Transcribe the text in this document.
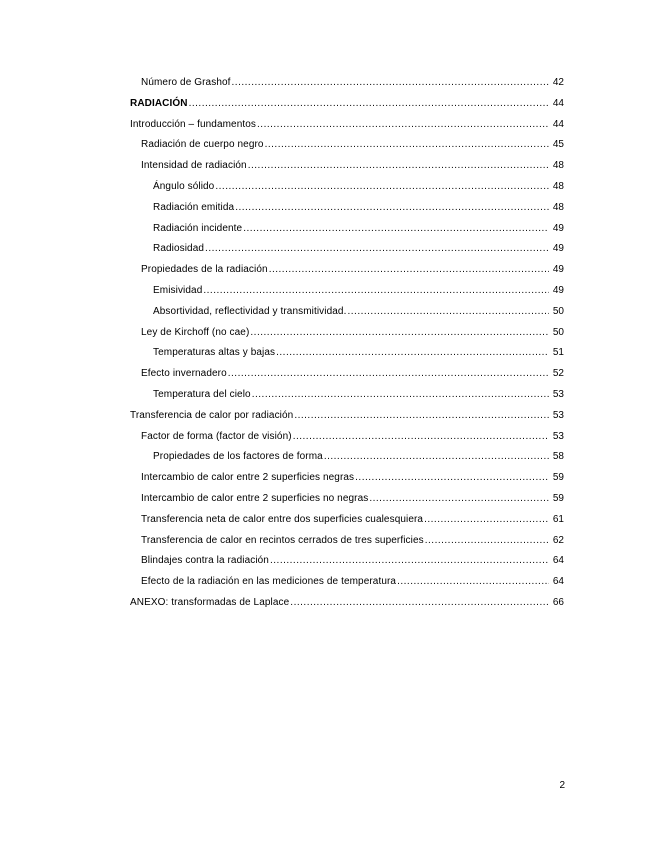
Número de Grashof .....	42
RADIACIÓN .....	44
Introducción – fundamentos .....	44
Radiación de cuerpo negro .....	45
Intensidad de radiación .....	48
Ángulo sólido .....	48
Radiación emitida .....	48
Radiación incidente .....	49
Radiosidad .....	49
Propiedades de la radiación .....	49
Emisividad .....	49
Absortividad, reflectividad y transmitividad. .....	50
Ley de Kirchoff (no cae) .....	50
Temperaturas altas y bajas .....	51
Efecto invernadero .....	52
Temperatura del cielo .....	53
Transferencia de calor por radiación .....	53
Factor de forma (factor de visión) .....	53
Propiedades de los factores de forma .....	58
Intercambio de calor entre 2 superficies negras .....	59
Intercambio de calor entre 2 superficies no negras .....	59
Transferencia neta de calor entre dos superficies cualesquiera .....	61
Transferencia de calor en recintos cerrados de tres superficies .....	62
Blindajes contra la radiación .....	64
Efecto de la radiación en las mediciones de temperatura .....	64
ANEXO: transformadas de Laplace .....	66
2
